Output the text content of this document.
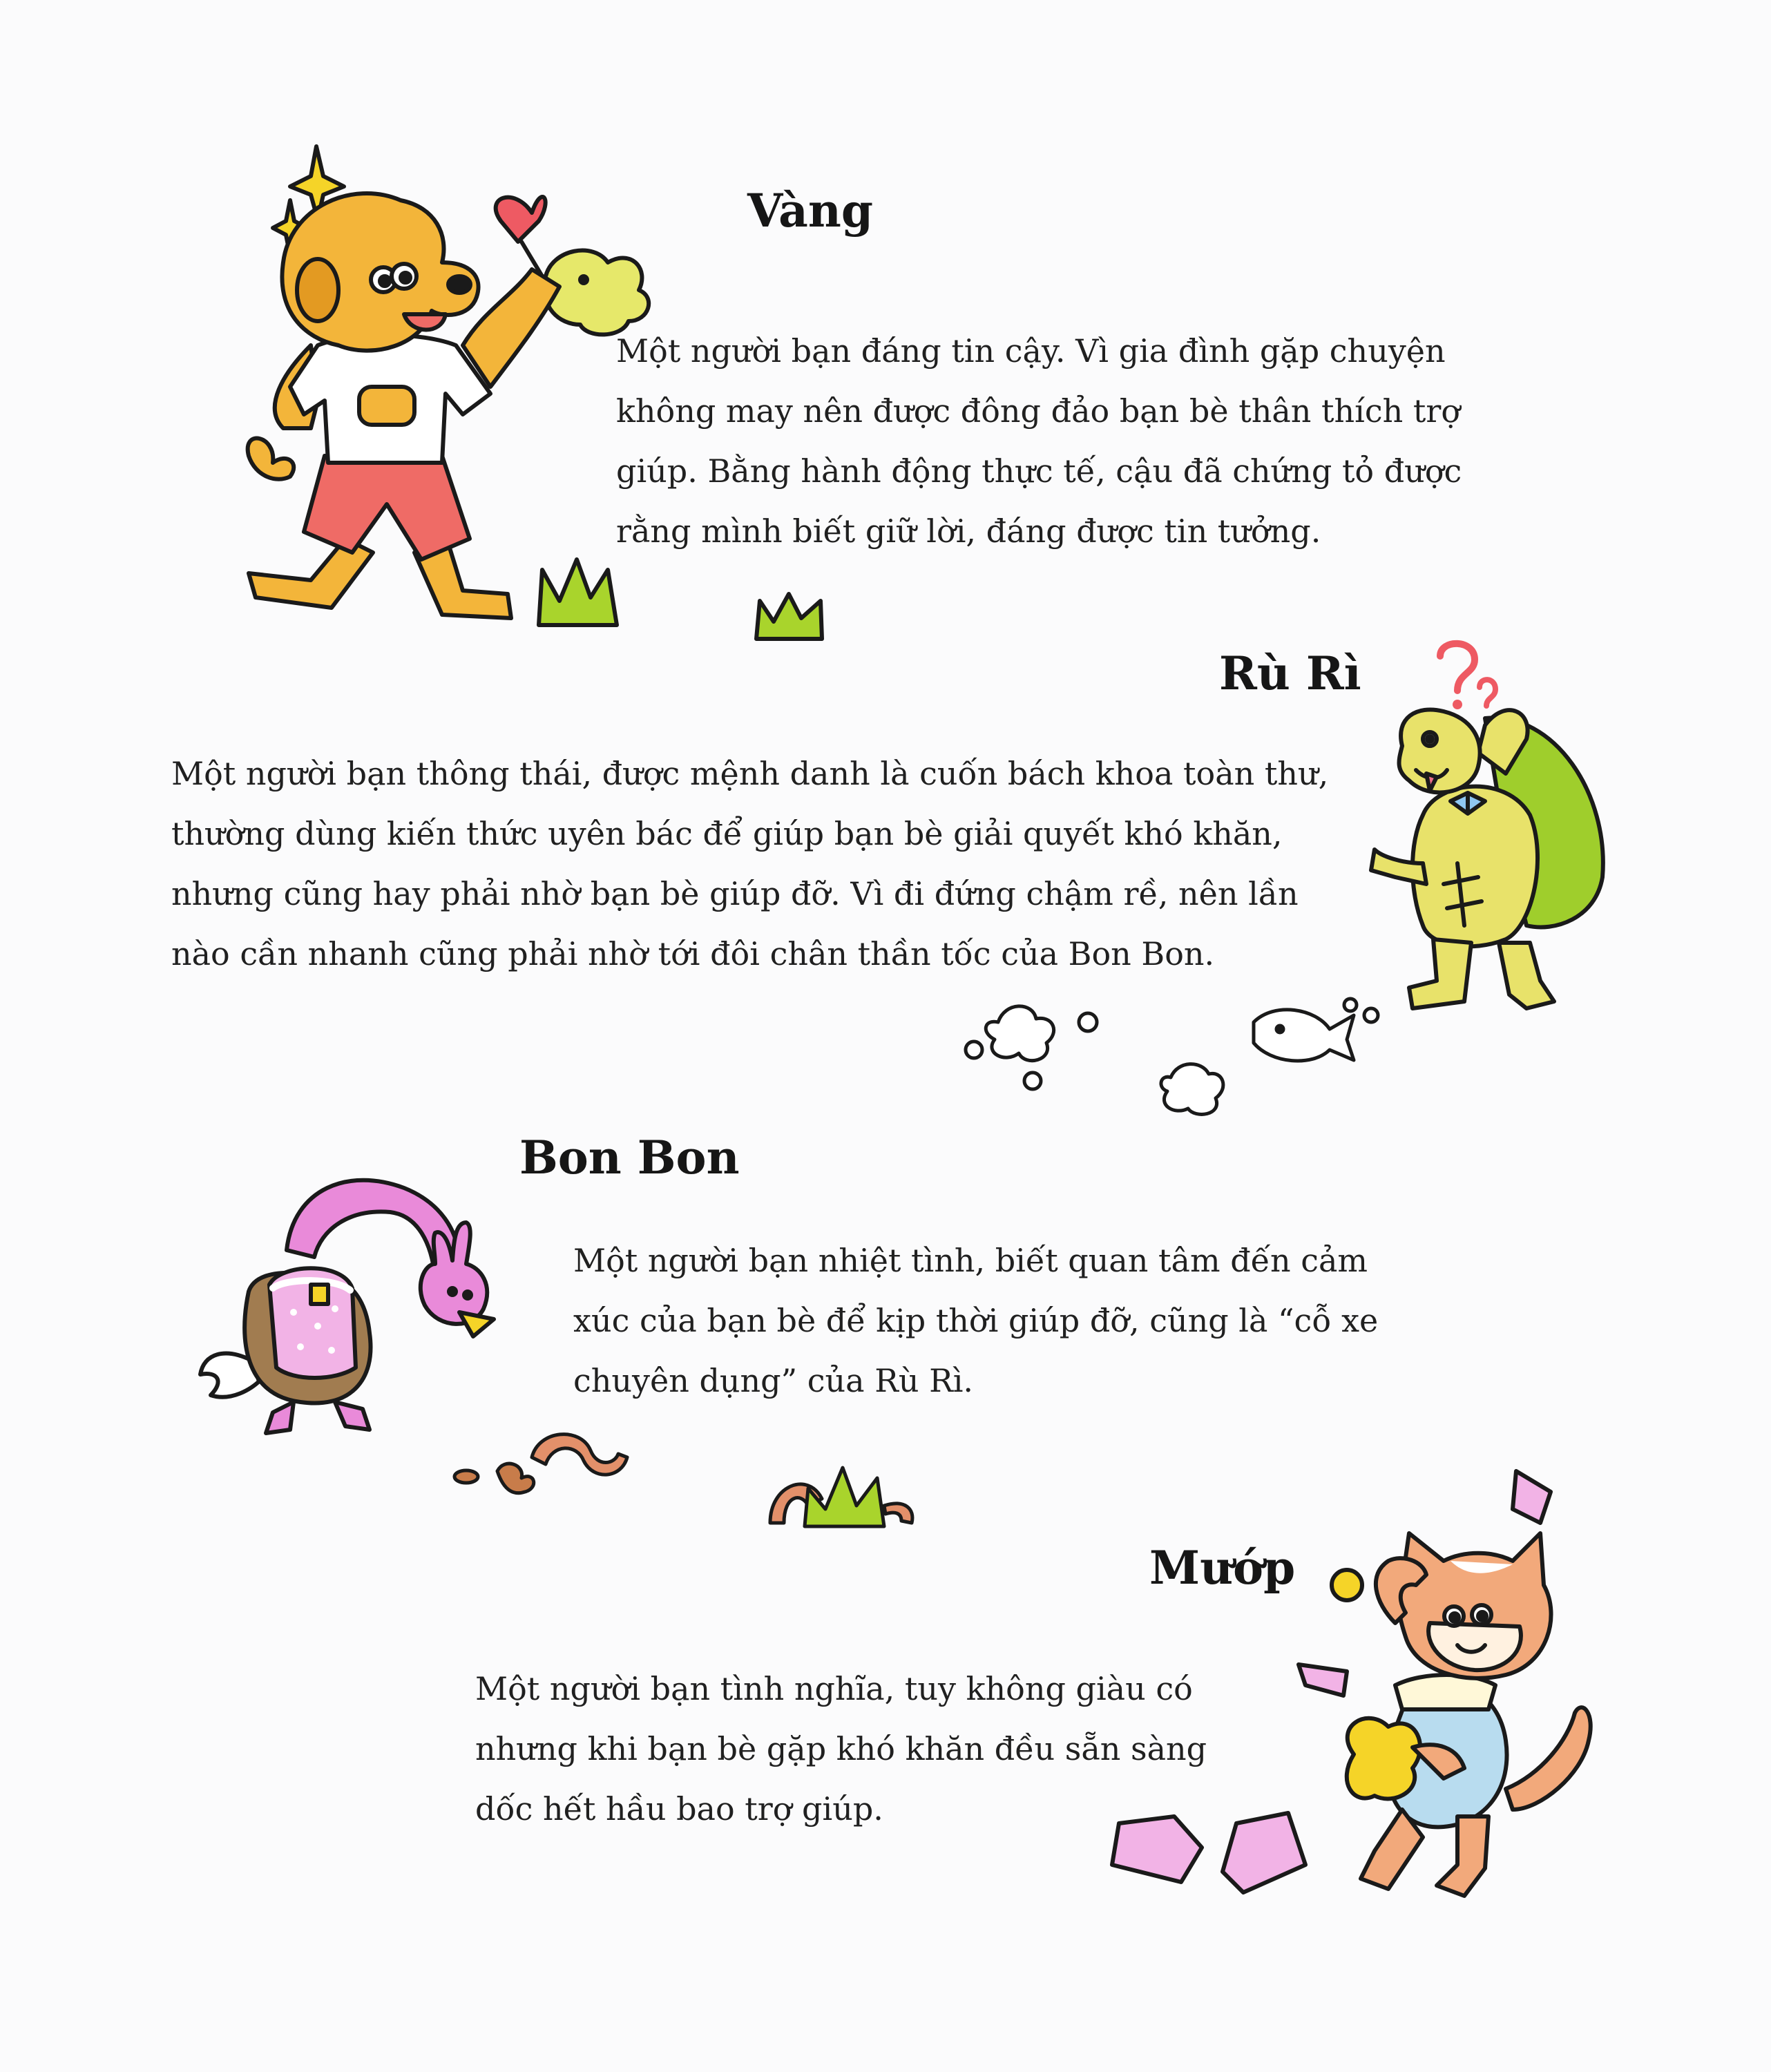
Vàng
Một người bạn đáng tin cậy. Vì gia đình gặp chuyện
không may nên được đông đảo bạn bè thân thích trợ
giúp. Bằng hành động thực tế, cậu đã chứng tỏ được
rằng mình biết giữ lời, đáng được tin tưởng.
Rù Rì
Một người bạn thông thái, được mệnh danh là cuốn bách khoa toàn thư,
thường dùng kiến thức uyên bác để giúp bạn bè giải quyết khó khăn,
nhưng cũng hay phải nhờ bạn bè giúp đỡ. Vì đi đứng chậm rề, nên lần
nào cần nhanh cũng phải nhờ tới đôi chân thần tốc của Bon Bon.
Bon Bon
Một người bạn nhiệt tình, biết quan tâm đến cảm
xúc của bạn bè để kịp thời giúp đỡ, cũng là “cỗ xe
chuyên dụng” của Rù Rì.
Mướp
Một người bạn tình nghĩa, tuy không giàu có
nhưng khi bạn bè gặp khó khăn đều sẵn sàng
dốc hết hầu bao trợ giúp.
